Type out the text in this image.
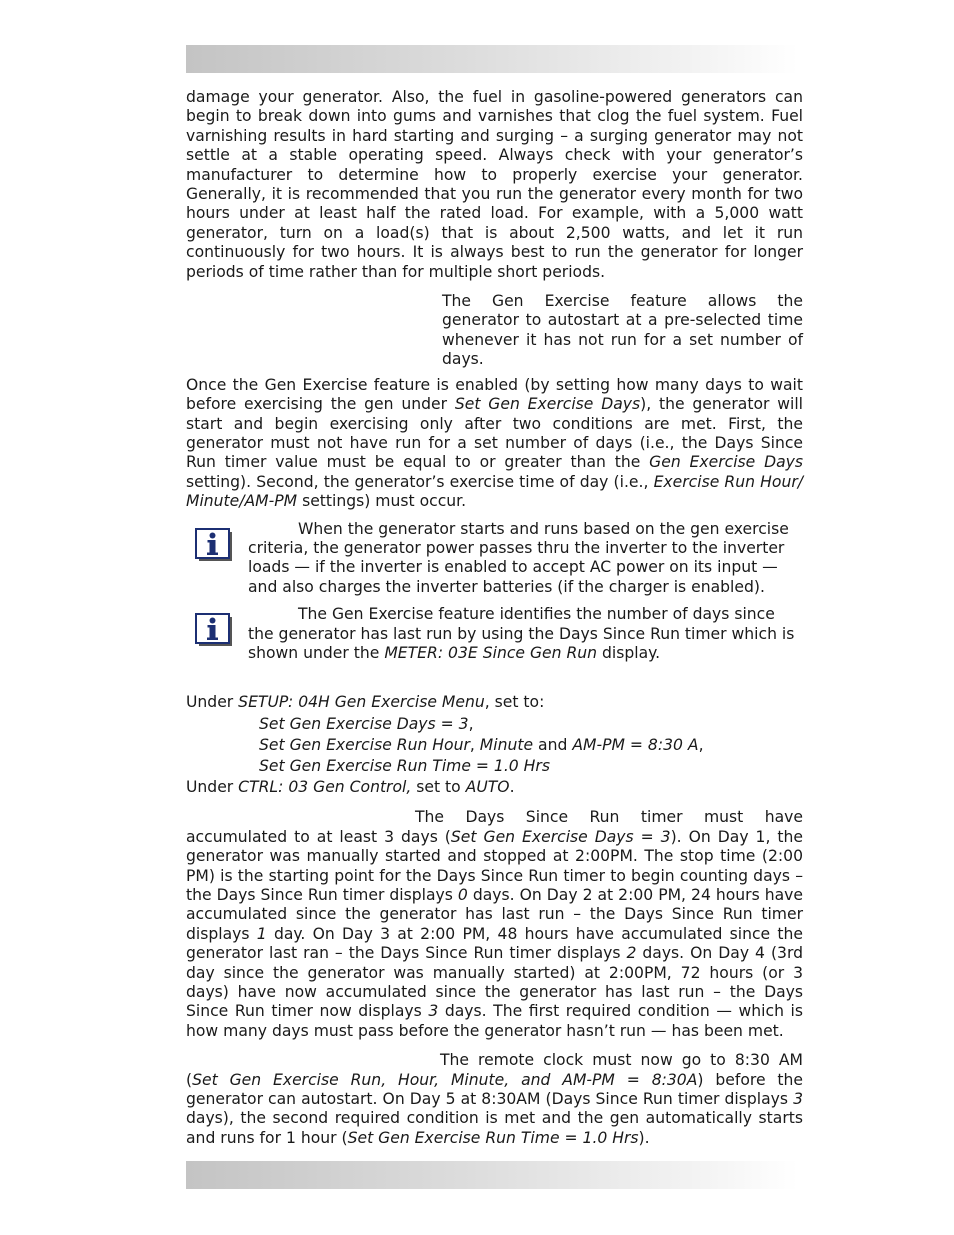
damage your generator. Also, the fuel in gasoline-powered generators can begin to break down into gums and varnishes that clog the fuel system. Fuel varnishing results in hard starting and surging – a surging generator may not settle at a stable operating speed. Always check with your generator’s manufacturer to determine how to properly exercise your generator. Generally, it is recommended that you run the generator every month for two hours under at least half the rated load. For example, with a 5,000 watt generator, turn on a load(s) that is about 2,500 watts, and let it run continuously for two hours. It is always best to run the generator for longer periods of time rather than for multiple short periods.

The Gen Exercise feature allows the generator to autostart at a pre-selected time whenever it has not run for a set number of days.

Once the Gen Exercise feature is enabled (by setting how many days to wait before exercising the gen under Set Gen Exercise Days), the generator will start and begin exercising only after two conditions are met. First, the generator must not have run for a set number of days (i.e., the Days Since Run timer value must be equal to or greater than the Gen Exercise Days setting). Second, the generator’s exercise time of day (i.e., Exercise Run Hour/ Minute/AM-PM settings) must occur.

When the generator starts and runs based on the gen exercise criteria, the generator power passes thru the inverter to the inverter loads — if the inverter is enabled to accept AC power on its input — and also charges the inverter batteries (if the charger is enabled).

The Gen Exercise feature identifies the number of days since the generator has last run by using the Days Since Run timer which is shown under the METER: 03E Since Gen Run display.

Under SETUP: 04H Gen Exercise Menu, set to:
Set Gen Exercise Days = 3,
Set Gen Exercise Run Hour, Minute and AM-PM = 8:30 A,
Set Gen Exercise Run Time = 1.0 Hrs
Under CTRL: 03 Gen Control, set to AUTO.

The Days Since Run timer must have accumulated to at least 3 days (Set Gen Exercise Days = 3). On Day 1, the generator was manually started and stopped at 2:00PM. The stop time (2:00 PM) is the starting point for the Days Since Run timer to begin counting days – the Days Since Run timer displays 0 days. On Day 2 at 2:00 PM, 24 hours have accumulated since the generator has last run – the Days Since Run timer displays 1 day. On Day 3 at 2:00 PM, 48 hours have accumulated since the generator last ran – the Days Since Run timer displays 2 days. On Day 4 (3rd day since the generator was manually started) at 2:00PM, 72 hours (or 3 days) have now accumulated since the generator has last run – the Days Since Run timer now displays 3 days. The first required condition — which is how many days must pass before the generator hasn’t run — has been met.

The remote clock must now go to 8:30 AM (Set Gen Exercise Run, Hour, Minute, and AM-PM = 8:30A) before the generator can autostart. On Day 5 at 8:30AM (Days Since Run timer displays 3 days), the second required condition is met and the gen automatically starts and runs for 1 hour (Set Gen Exercise Run Time = 1.0 Hrs).
